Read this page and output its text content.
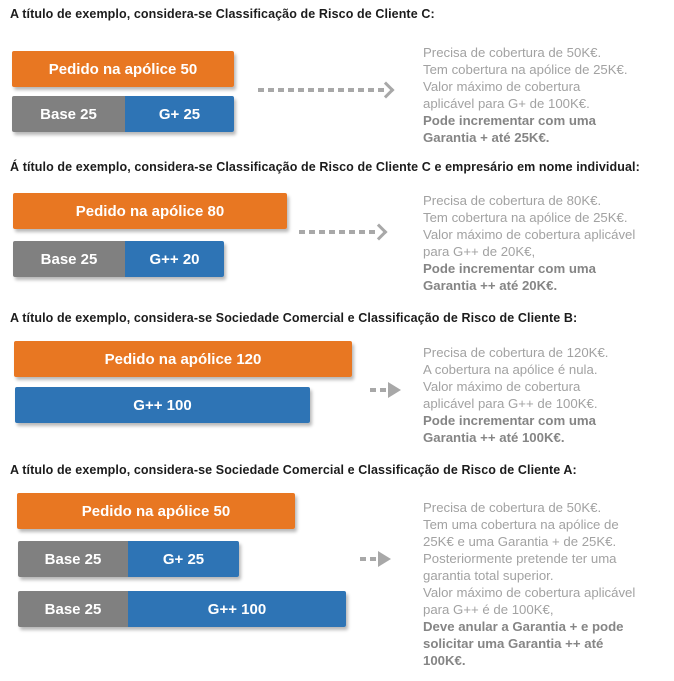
A título de exemplo, considera-se Classificação de Risco de Cliente C:
Pedido na apólice 50
Base 25	G+ 25
Precisa de cobertura de 50K€.
Tem cobertura na apólice de 25K€.
Valor máximo de cobertura
aplicável para G+ de 100K€.
Pode incrementar com uma
Garantia + até 25K€.
Á título de exemplo, considera-se Classificação de Risco de Cliente C e empresário em nome individual:
Pedido na apólice 80
Base 25	G++ 20
Precisa de cobertura de 80K€.
Tem cobertura na apólice de 25K€.
Valor máximo de cobertura aplicável
para G++ de 20K€,
Pode incrementar com uma
Garantia ++ até 20K€.
A título de exemplo, considera-se Sociedade Comercial e Classificação de Risco de Cliente B:
Pedido na apólice 120
G++ 100
Precisa de cobertura de 120K€.
A cobertura na apólice é nula.
Valor máximo de cobertura
aplicável para G++ de 100K€.
Pode incrementar com uma
Garantia ++ até 100K€.
A título de exemplo, considera-se Sociedade Comercial e Classificação de Risco de Cliente A:
Pedido na apólice 50
Base 25	G+ 25
Base 25	G++ 100
Precisa de cobertura de 50K€.
Tem uma cobertura na apólice de
25K€ e uma Garantia + de 25K€.
Posteriormente pretende ter uma
garantia total superior.
Valor máximo de cobertura aplicável
para G++ é de 100K€,
Deve anular a Garantia + e pode
solicitar uma Garantia ++ até
100K€.
